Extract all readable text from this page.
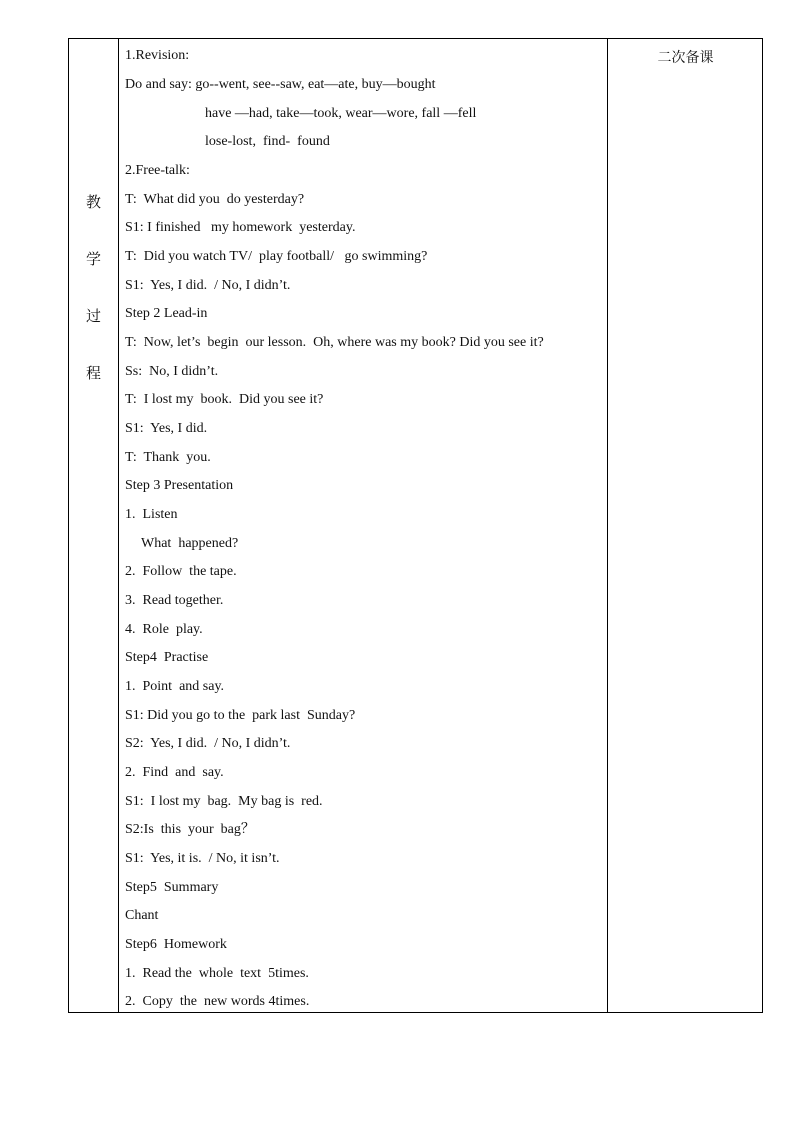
教
学
过
程
1.Revision:
Do and say: go--went, see--saw, eat—ate, buy—bought
have —had, take—took, wear—wore, fall —fell
lose-lost,  find-  found
2.Free-talk:
T:  What did you  do yesterday?
S1: I finished   my homework  yesterday.
T:  Did you watch TV/  play football/   go swimming?
S1:  Yes, I did.  / No, I didn’t.
Step 2 Lead-in
T:  Now, let’s  begin  our lesson.  Oh, where was my book? Did you see it?
Ss:  No, I didn’t.
T:  I lost my  book.  Did you see it?
S1:  Yes, I did.
T:  Thank  you.
Step 3 Presentation
1.  Listen
What  happened?
2.  Follow  the tape.
3.  Read together.
4.  Role  play.
Step4  Practise
1.  Point  and say.
S1: Did you go to the  park last  Sunday?
S2:  Yes, I did.  / No, I didn’t.
2.  Find  and  say.
S1:  I lost my  bag.  My bag is  red.
S2:Is  this  your  bag？
S1:  Yes, it is.  / No, it isn’t.
Step5  Summary
Chant
Step6  Homework
1.  Read the  whole  text  5times.
2.  Copy  the  new words 4times.
二次备课
